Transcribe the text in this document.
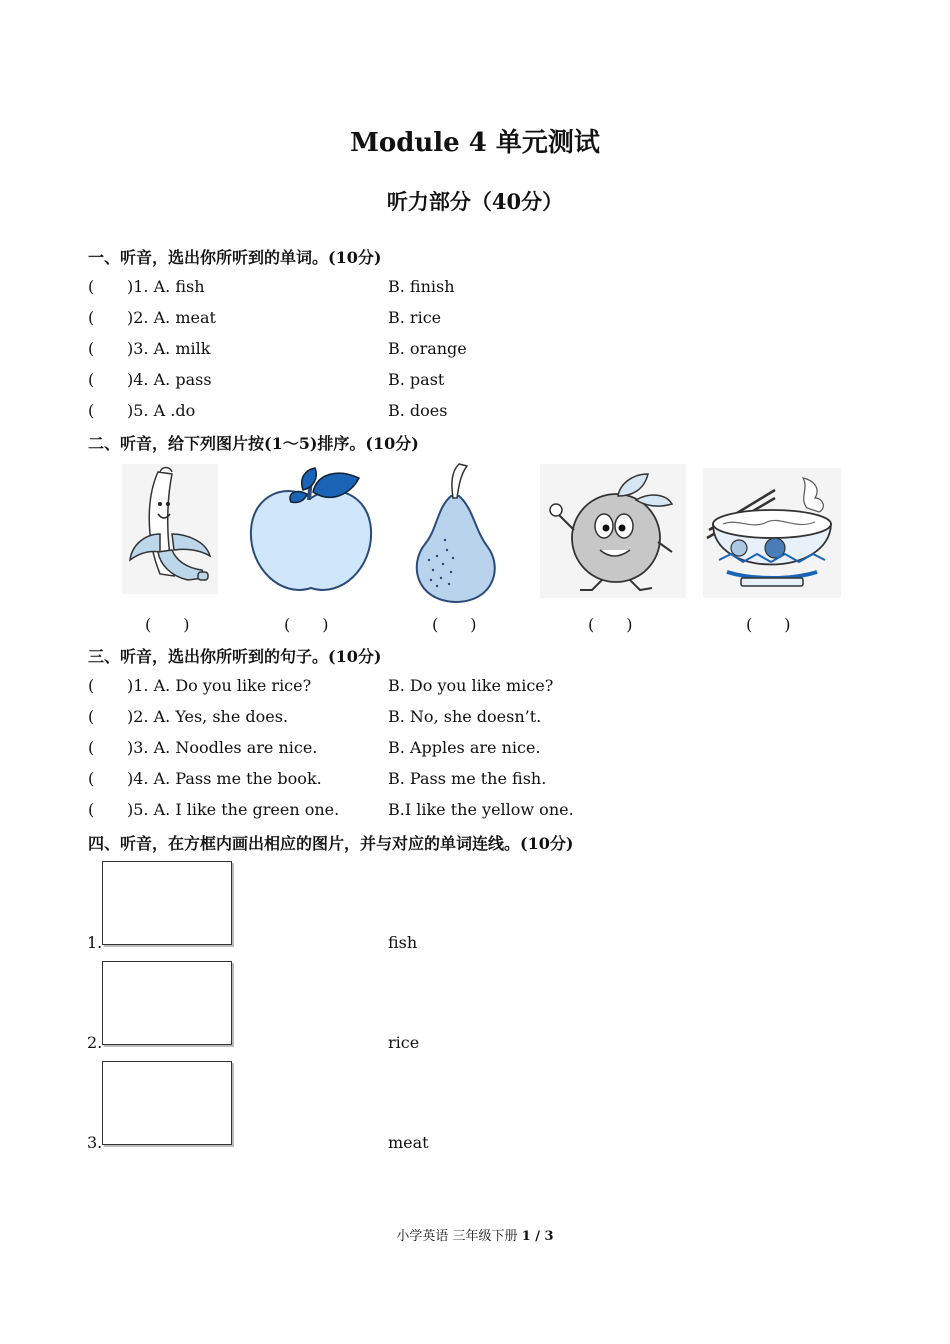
Module 4 单元测试
听力部分（40分）
一、听音，选出你所听到的单词。(10分)
( )1. A. fish	B. finish
( )2. A. meat	B. rice
( )3. A. milk	B. orange
( )4. A. pass	B. past
( )5. A .do	B. does
二、听音，给下列图片按(1～5)排序。(10分)
(　　)	(　　)	(　　)	(　　)	(　　)
三、听音，选出你所听到的句子。(10分)
( )1. A. Do you like rice?	B. Do you like mice?
( )2. A. Yes, she does.	B. No, she doesn’t.
( )3. A. Noodles are nice.	B. Apples are nice.
( )4. A. Pass me the book.	B. Pass me the fish.
( )5. A. I like the green one.	B.I like the yellow one.
四、听音，在方框内画出相应的图片，并与对应的单词连线。(10分)
1.	fish
2.	rice
3.	meat
小学英语 三年级下册 1 / 3
